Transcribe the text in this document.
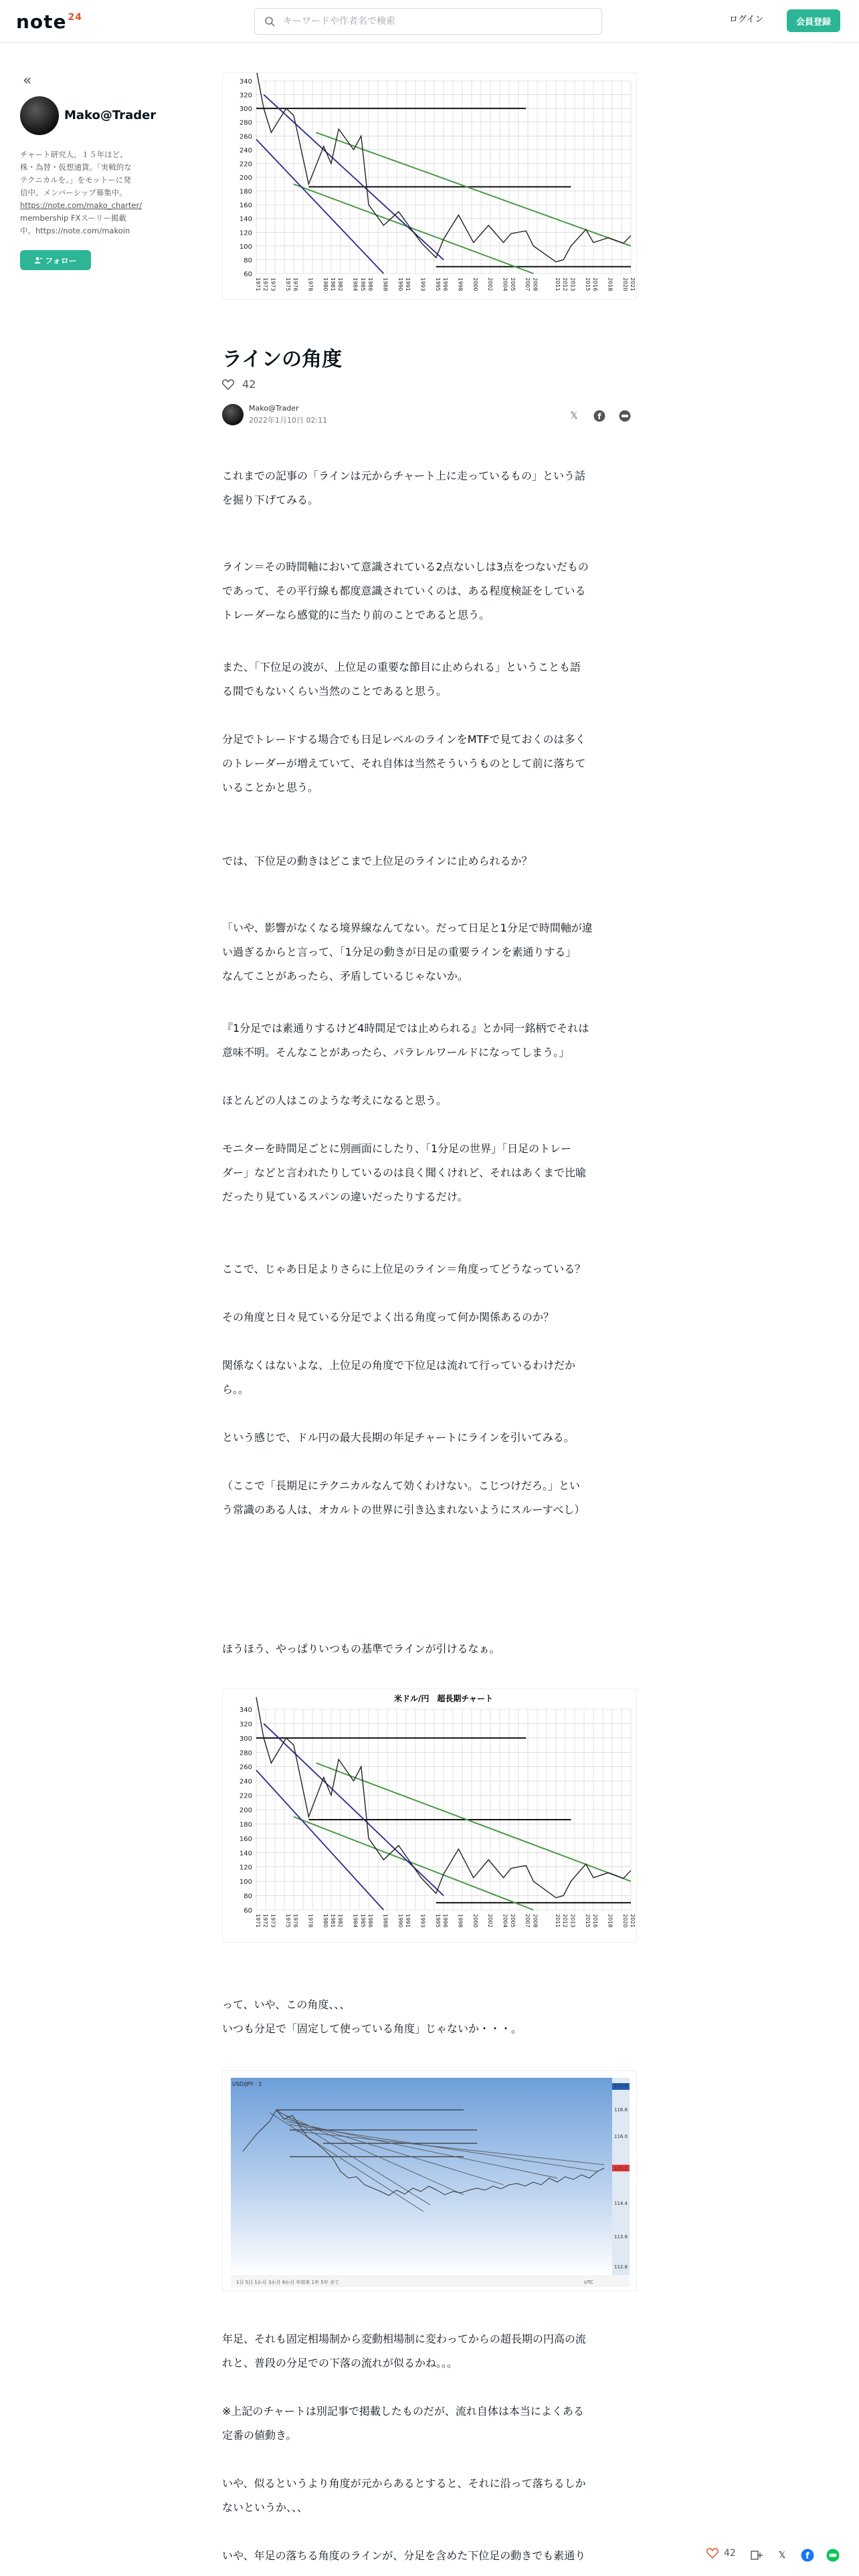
note $^{24}$
キーワードや作者名で検索	ログイン	会員登録
«
Mako@Trader
チャート研究人。１５年ほど、
株・為替・仮想通貨。「実戦的な
テクニカルを。」をモットーに発
信中。メンバーシップ募集中。
https://note.com/mako_charter/
membership FXスーリー掲載
中。https://note.com/makoin
フォロー
60
80
100
120
140
160
180
200
220
240
260
280
300
320
340
1971 1972 1973 1975 1976 1978 1980 1981 1982 1984 1985 1986 1988 1990 1991 1993 1995 1996 1998 2000 2002 2004 2005 2007 2008	2011 2012 2013 2015 2016 2018 2020 2021
ラインの角度
42
Mako@Trader
2022年1月10日 02:11	𝕏	f
これまでの記事の「ラインは元からチャート上に走っているもの」という話
を掘り下げてみる。
ライン＝その時間軸において意識されている2点ないしは3点をつないだもの
であって、その平行線も都度意識されていくのは、ある程度検証をしている
トレーダーなら感覚的に当たり前のことであると思う。
また、「下位足の波が、上位足の重要な節目に止められる」ということも語
る間でもないくらい当然のことであると思う。
分足でトレードする場合でも日足レベルのラインをMTFで見ておくのは多く
のトレーダーが増えていて、それ自体は当然そういうものとして前に落ちて
いることかと思う。
では、下位足の動きはどこまで上位足のラインに止められるか？
「いや、影響がなくなる境界線なんてない。だって日足と1分足で時間軸が違
い過ぎるからと言って、「1分足の動きが日足の重要ラインを素通りする」
なんてことがあったら、矛盾しているじゃないか。
『1分足では素通りするけど4時間足では止められる』とか同一銘柄でそれは
意味不明。そんなことがあったら、パラレルワールドになってしまう。」
ほとんどの人はこのような考えになると思う。
モニターを時間足ごとに別画面にしたり、「1分足の世界」「日足のトレー
ダー」などと言われたりしているのは良く聞くけれど、それはあくまで比喩
だったり見ているスパンの違いだったりするだけ。
ここで、じゃあ日足よりさらに上位足のライン＝角度ってどうなっている？
その角度と日々見ている分足でよく出る角度って何か関係あるのか？
関係なくはないよな、上位足の角度で下位足は流れて行っているわけだか
ら。。
という感じで、ドル円の最大長期の年足チャートにラインを引いてみる。
（ここで「長期足にテクニカルなんて効くわけない。こじつけだろ。」とい
う常識のある人は、オカルトの世界に引き込まれないようにスルーすべし）
ほうほう、やっぱりいつもの基準でラインが引けるなぁ。
米ドル/円　超長期チャート
60
80
100
120
140
160
180
200
220
240
260
280
300
320
340
1971 1972 1973 1975 1976 1978 1980 1981 1982 1984 1985 1986 1988 1990 1991 1993 1995 1996 1998 2000 2002 2004 2005 2007 2008	2011 2012 2013 2015 2016 2018 2020 2021
って、いや、この角度、、、
いつも分足で「固定して使っている角度」じゃないか・・・。
117.4
116.8
116.0
115.2
114.4
113.6
112.8
1日 5日 1か月 3か月 6か月 年初来 1年 5年 全て	UTC
USD/JPY · 1
年足、それも固定相場制から変動相場制に変わってからの超長期の円高の流
れと、普段の分足での下落の流れが似るかね。。。
※上記のチャートは別記事で掲載したものだが、流れ自体は本当によくある
定番の値動き。
いや、似るというより角度が元からあるとすると、それに沿って落ちるしか
ないというか、、、
いや、年足の落ちる角度のラインが、分足を含めた下位足の動きでも素通り	42	𝕏	f
